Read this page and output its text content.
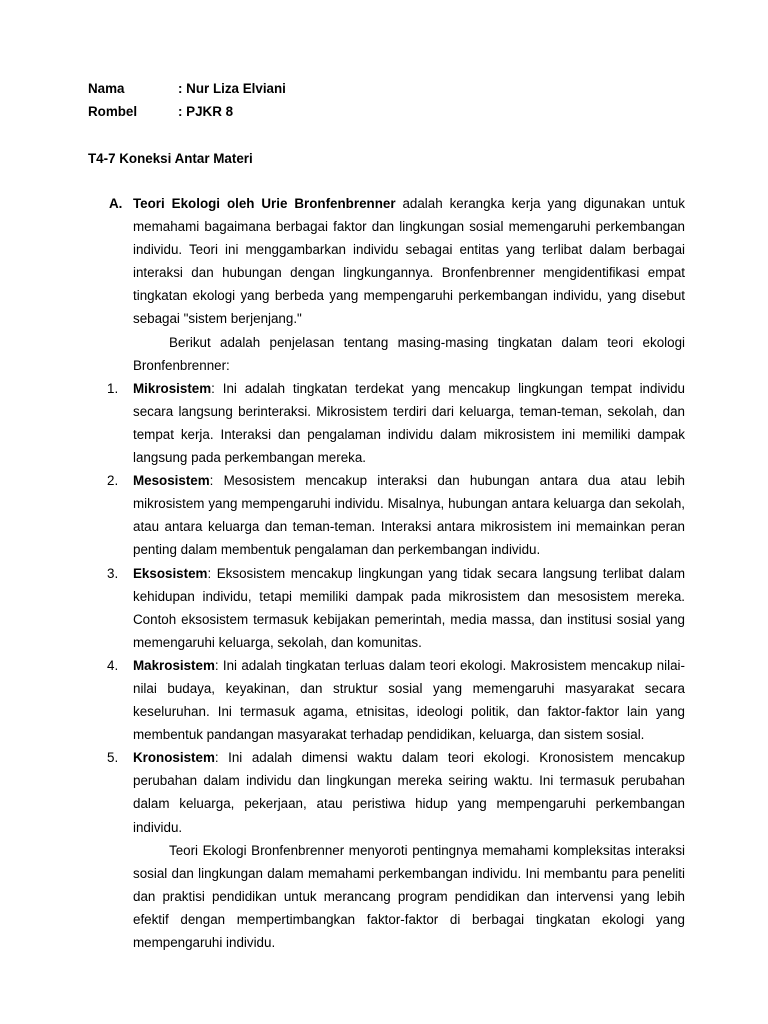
Nama	: Nur Liza Elviani
Rombel	: PJKR 8
T4-7 Koneksi Antar Materi

A. Teori Ekologi oleh Urie Bronfenbrenner adalah kerangka kerja yang digunakan untuk memahami bagaimana berbagai faktor dan lingkungan sosial memengaruhi perkembangan individu. Teori ini menggambarkan individu sebagai entitas yang terlibat dalam berbagai interaksi dan hubungan dengan lingkungannya. Bronfenbrenner mengidentifikasi empat tingkatan ekologi yang berbeda yang mempengaruhi perkembangan individu, yang disebut sebagai "sistem berjenjang."

Berikut adalah penjelasan tentang masing-masing tingkatan dalam teori ekologi Bronfenbrenner:

1. Mikrosistem: Ini adalah tingkatan terdekat yang mencakup lingkungan tempat individu secara langsung berinteraksi. Mikrosistem terdiri dari keluarga, teman-teman, sekolah, dan tempat kerja. Interaksi dan pengalaman individu dalam mikrosistem ini memiliki dampak langsung pada perkembangan mereka.

2. Mesosistem: Mesosistem mencakup interaksi dan hubungan antara dua atau lebih mikrosistem yang mempengaruhi individu. Misalnya, hubungan antara keluarga dan sekolah, atau antara keluarga dan teman-teman. Interaksi antara mikrosistem ini memainkan peran penting dalam membentuk pengalaman dan perkembangan individu.

3. Eksosistem: Eksosistem mencakup lingkungan yang tidak secara langsung terlibat dalam kehidupan individu, tetapi memiliki dampak pada mikrosistem dan mesosistem mereka. Contoh eksosistem termasuk kebijakan pemerintah, media massa, dan institusi sosial yang memengaruhi keluarga, sekolah, dan komunitas.

4. Makrosistem: Ini adalah tingkatan terluas dalam teori ekologi. Makrosistem mencakup nilai-nilai budaya, keyakinan, dan struktur sosial yang memengaruhi masyarakat secara keseluruhan. Ini termasuk agama, etnisitas, ideologi politik, dan faktor-faktor lain yang membentuk pandangan masyarakat terhadap pendidikan, keluarga, dan sistem sosial.

5. Kronosistem: Ini adalah dimensi waktu dalam teori ekologi. Kronosistem mencakup perubahan dalam individu dan lingkungan mereka seiring waktu. Ini termasuk perubahan dalam keluarga, pekerjaan, atau peristiwa hidup yang mempengaruhi perkembangan individu.

Teori Ekologi Bronfenbrenner menyoroti pentingnya memahami kompleksitas interaksi sosial dan lingkungan dalam memahami perkembangan individu. Ini membantu para peneliti dan praktisi pendidikan untuk merancang program pendidikan dan intervensi yang lebih efektif dengan mempertimbangkan faktor-faktor di berbagai tingkatan ekologi yang mempengaruhi individu.
